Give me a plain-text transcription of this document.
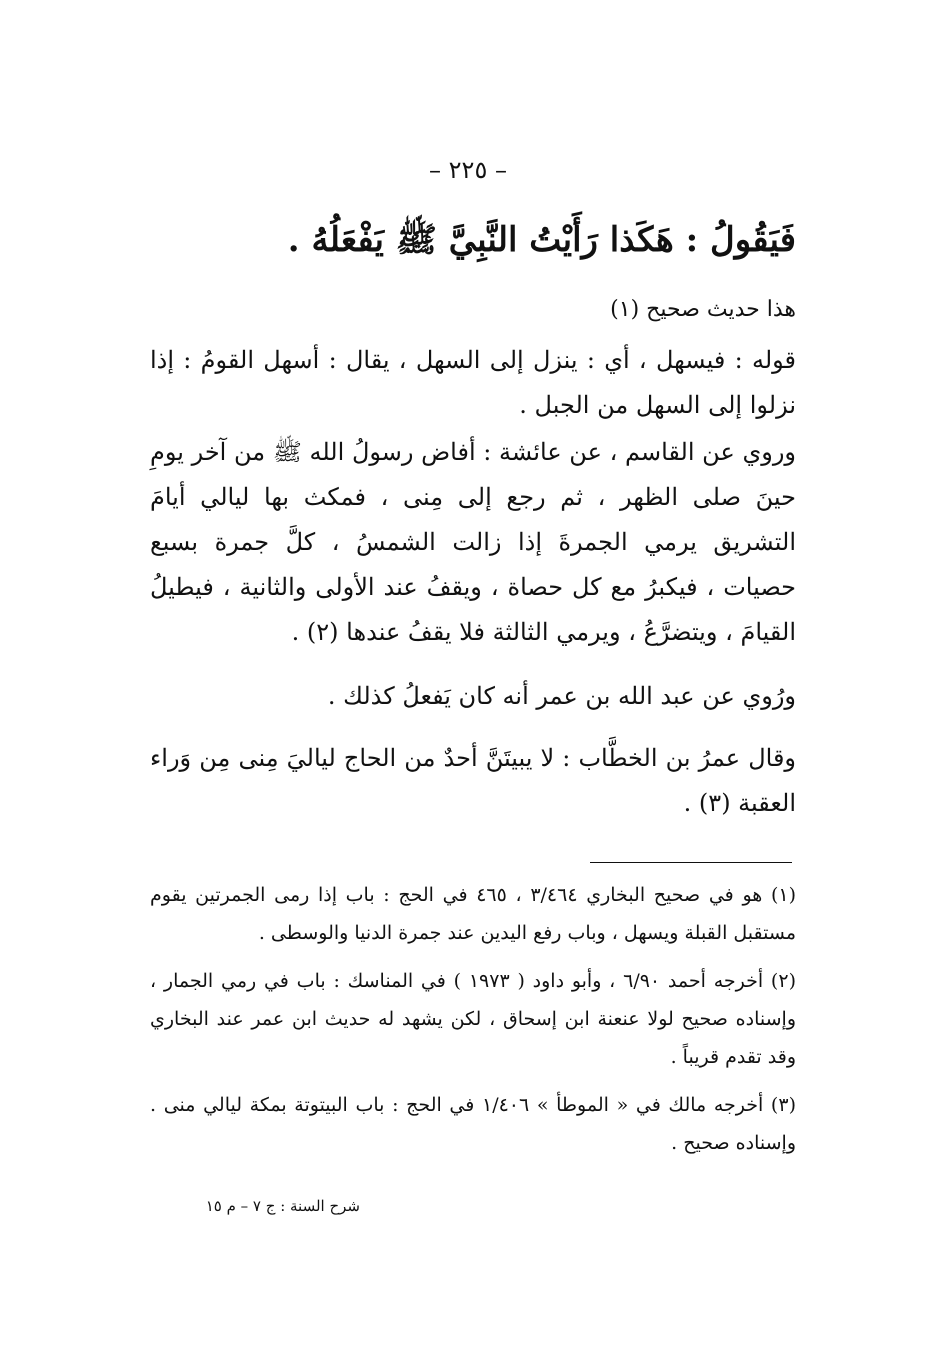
– ٢٢٥ –
فَيَقُولُ : هَكَذا رَأَيْتُ النَّبِيَّ ﷺ يَفْعَلُهُ .
هذا حديث صحيح (١)
قوله : فيسهل ، أي : ينزل إلى السهل ، يقال : أسهل القومُ : إذا نزلوا إلى السهل من الجبل .
وروي عن القاسم ، عن عائشة : أفاض رسولُ الله ﷺ من آخر يومِ حينَ صلى الظهر ، ثم رجع إلى مِنى ، فمكث بها ليالي أيامَ التشريق يرمي الجمرةَ إذا زالت الشمسُ ، كلَّ جمرة بسبع حصيات ، فيكبرُ مع كل حصاة ، ويقفُ عند الأولى والثانية ، فيطيلُ القيامَ ، ويتضرَّعُ ، ويرمي الثالثة فلا يقفُ عندها (٢) .
ورُوي عن عبد الله بن عمر أنه كان يَفعلُ كذلك .
وقال عمرُ بن الخطَّاب : لا يبيتَنَّ أحدٌ من الحاج لياليَ مِنى مِن وَراء العقبة (٣) .

(١) هو في صحيح البخاري ٣/٤٦٤ ، ٤٦٥ في الحج : باب إذا رمى الجمرتين يقوم مستقبل القبلة ويسهل ، وباب رفع اليدين عند جمرة الدنيا والوسطى .

(٢) أخرجه أحمد ٦/٩٠ ، وأبو داود ( ١٩٧٣ ) في المناسك : باب في رمي الجمار ، وإسناده صحيح لولا عنعنة ابن إسحاق ، لكن يشهد له حديث ابن عمر عند البخاري وقد تقدم قريباً .

(٣) أخرجه مالك في « الموطأ » ١/٤٠٦ في الحج : باب البيتوتة بمكة ليالي منى . وإسناده صحيح .

شرح السنة : ج ٧ – م ١٥
